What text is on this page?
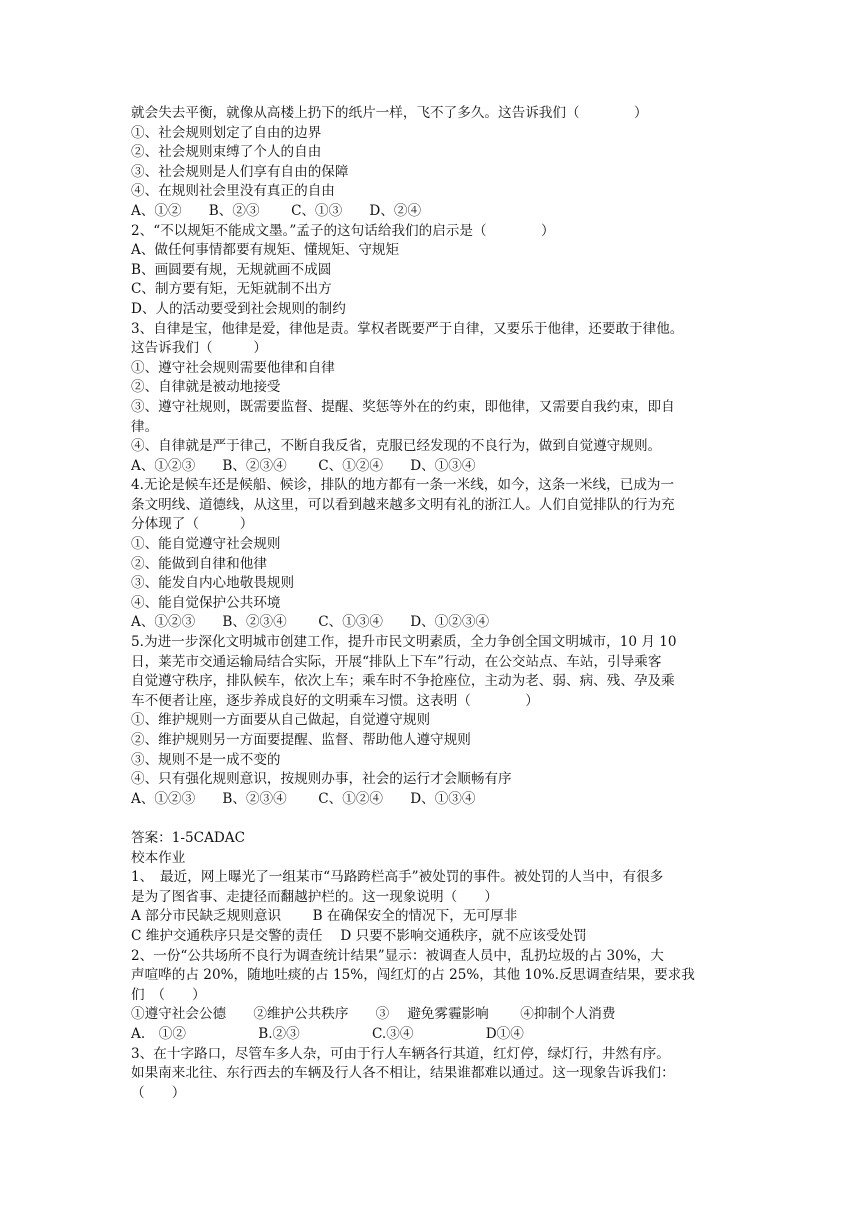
就会失去平衡，就像从高楼上扔下的纸片一样，飞不了多久。这告诉我们（　　　　）
①、社会规则划定了自由的边界
②、社会规则束缚了个人的自由
③、社会规则是人们享有自由的保障
④、在规则社会里没有真正的自由
A、①②　　B、②③　　 C、①③　　D、②④
2、“不以规矩不能成文墨。”孟子的这句话给我们的启示是（　　　　）
A、做任何事情都要有规矩、懂规矩、守规矩
B、画圆要有规，无规就画不成圆
C、制方要有矩，无矩就制不出方
D、人的活动要受到社会规则的制约
3、自律是宝，他律是爱，律他是责。掌权者既要严于自律，又要乐于他律，还要敢于律他。
这告诉我们（　　　）
①、遵守社会规则需要他律和自律
②、自律就是被动地接受
③、遵守社规则，既需要监督、提醒、奖惩等外在的约束，即他律，又需要自我约束，即自
律。
④、自律就是严于律己，不断自我反省，克服已经发现的不良行为，做到自觉遵守规则。
A、①②③　　B、②③④　　 C、①②④　　D、①③④
4.无论是候车还是候船、候诊，排队的地方都有一条一米线，如今，这条一米线，已成为一
条文明线、道德线，从这里，可以看到越来越多文明有礼的浙江人。人们自觉排队的行为充
分体现了（　　　）
①、能自觉遵守社会规则
②、能做到自律和他律
③、能发自内心地敬畏规则
④、能自觉保护公共环境
A、①②③　　B、②③④　　 C、①③④　　D、①②③④
5.为进一步深化文明城市创建工作，提升市民文明素质，全力争创全国文明城市，10 月 10
日，莱芜市交通运输局结合实际，开展“排队上下车”行动，在公交站点、车站，引导乘客
自觉遵守秩序，排队候车，依次上车；乘车时不争抢座位，主动为老、弱、病、残、孕及乘
车不便者让座，逐步养成良好的文明乘车习惯。这表明（　　　　）
①、维护规则一方面要从自己做起，自觉遵守规则
②、维护规则另一方面要提醒、监督、帮助他人遵守规则
③、规则不是一成不变的
④、只有强化规则意识，按规则办事，社会的运行才会顺畅有序
A、①②③　　B、②③④　　 C、①②④　　D、①③④
答案：1-5CADAC
校本作业
1、　最近，网上曝光了一组某市“马路跨栏高手”被处罚的事件。被处罚的人当中，有很多
是为了图省事、走捷径而翻越护栏的。这一现象说明（　　）
A 部分市民缺乏规则意识　　 B 在确保安全的情况下，无可厚非
C 维护交通秩序只是交警的责任　 D 只要不影响交通秩序，就不应该受处罚
2、一份“公共场所不良行为调查统计结果”显示：被调查人员中，乱扔垃圾的占 30%，大
声喧哗的占 20%，随地吐痰的占 15%，闯红灯的占 25%，其他 10%.反思调查结果，要求我
们　（　　）
①遵守社会公德　　②维护公共秩序　　③　 避免雾霾影响　　 ④抑制个人消费
A.　①②　　　　　 B.②③　　　　　 C.③④　　　　　 D①④
3、在十字路口，尽管车多人杂，可由于行人车辆各行其道，红灯停，绿灯行，井然有序。
如果南来北往、东行西去的车辆及行人各不相让，结果谁都难以通过。这一现象告诉我们：
（　　）
